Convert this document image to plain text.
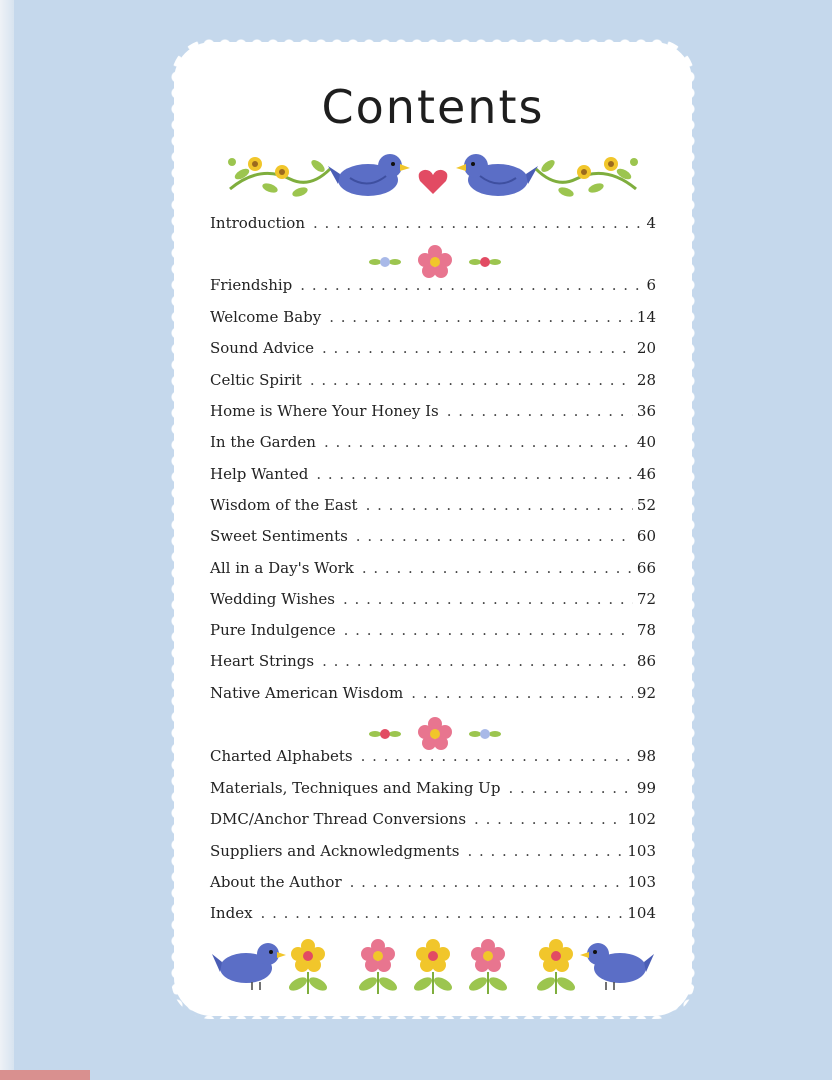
Contents
Introduction . . .	4
Friendship . . .	6
Welcome Baby . . .	14
Sound Advice . . .	20
Celtic Spirit . . .	28
Home is Where Your Honey Is . . .	36
In the Garden . . .	40
Help Wanted . . .	46
Wisdom of the East . . .	52
Sweet Sentiments . . .	60
All in a Day's Work . . .	66
Wedding Wishes . . .	72
Pure Indulgence . . .	78
Heart Strings . . .	86
Native American Wisdom . . .	92
Charted Alphabets . . .	98
Materials, Techniques and Making Up . . .	99
DMC/Anchor Thread Conversions . . .	102
Suppliers and Acknowledgments . . .	103
About the Author . . .	103
Index . . .	104
